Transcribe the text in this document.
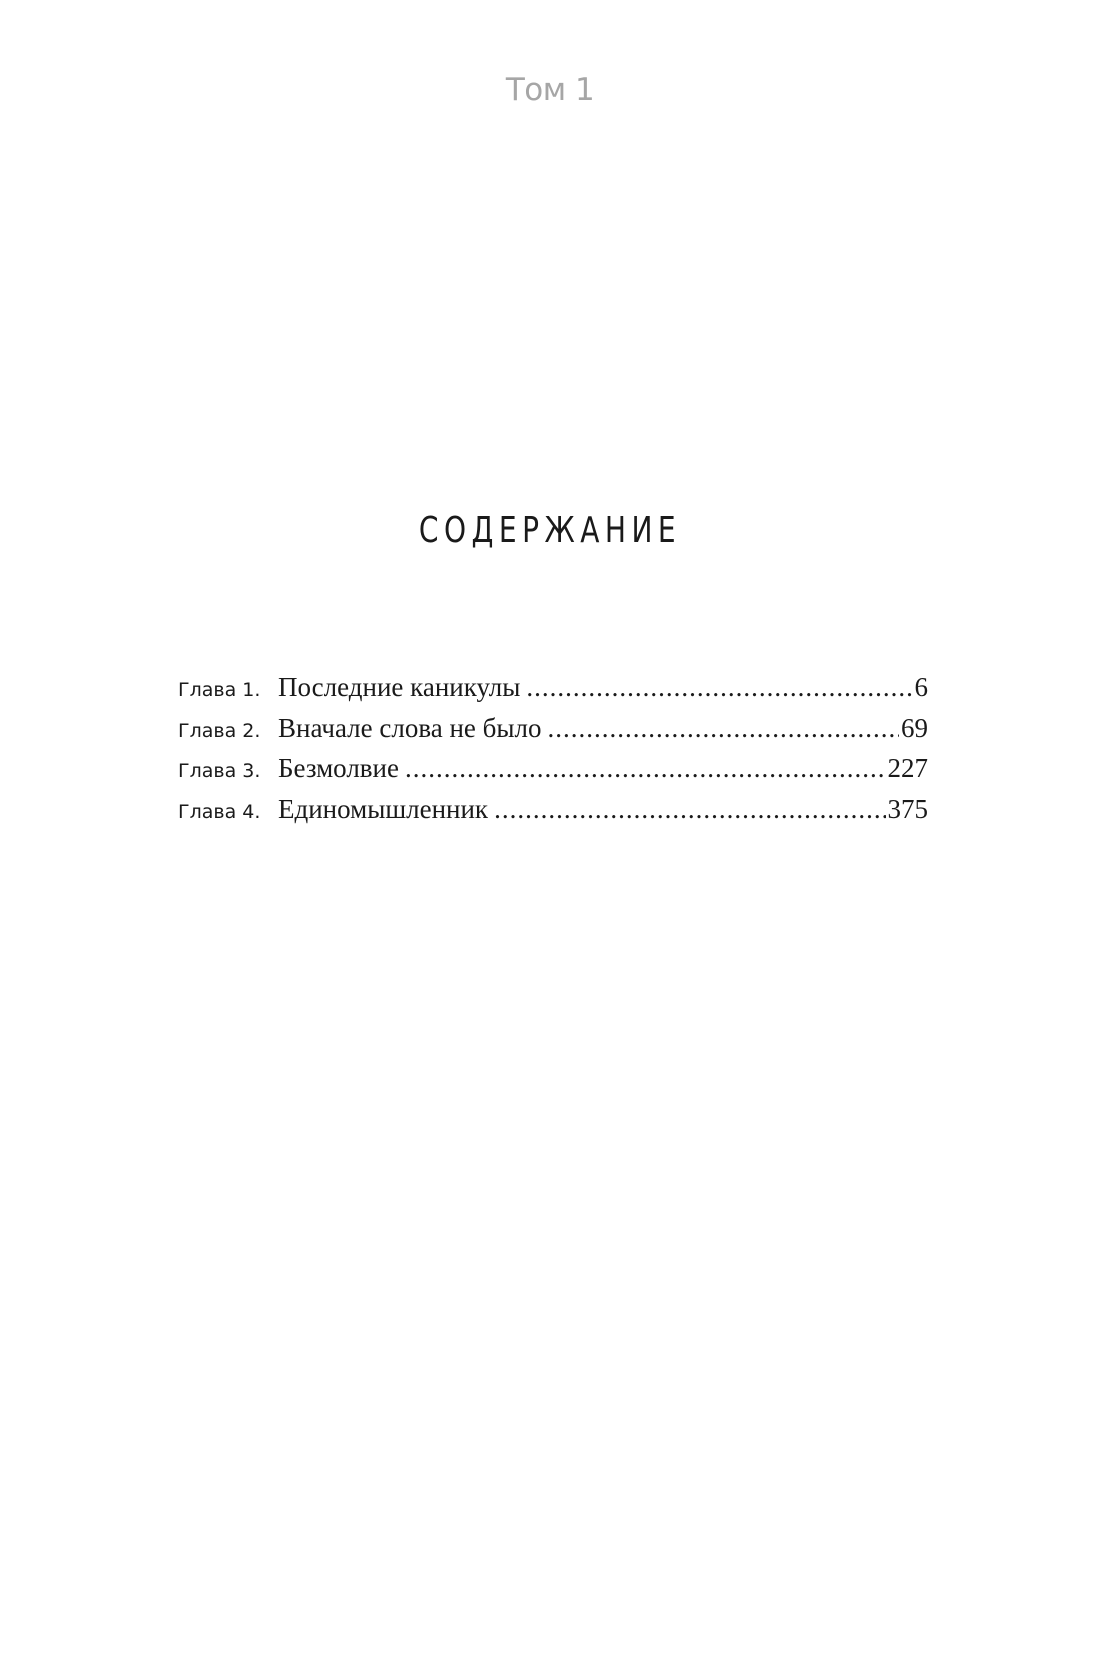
Том 1
СОДЕРЖАНИЕ
Глава 1. Последние каникулы .....	6
Глава 2. Вначале слова не было .....	69
Глава 3. Безмолвие .....	227
Глава 4. Единомышленник .....	375
